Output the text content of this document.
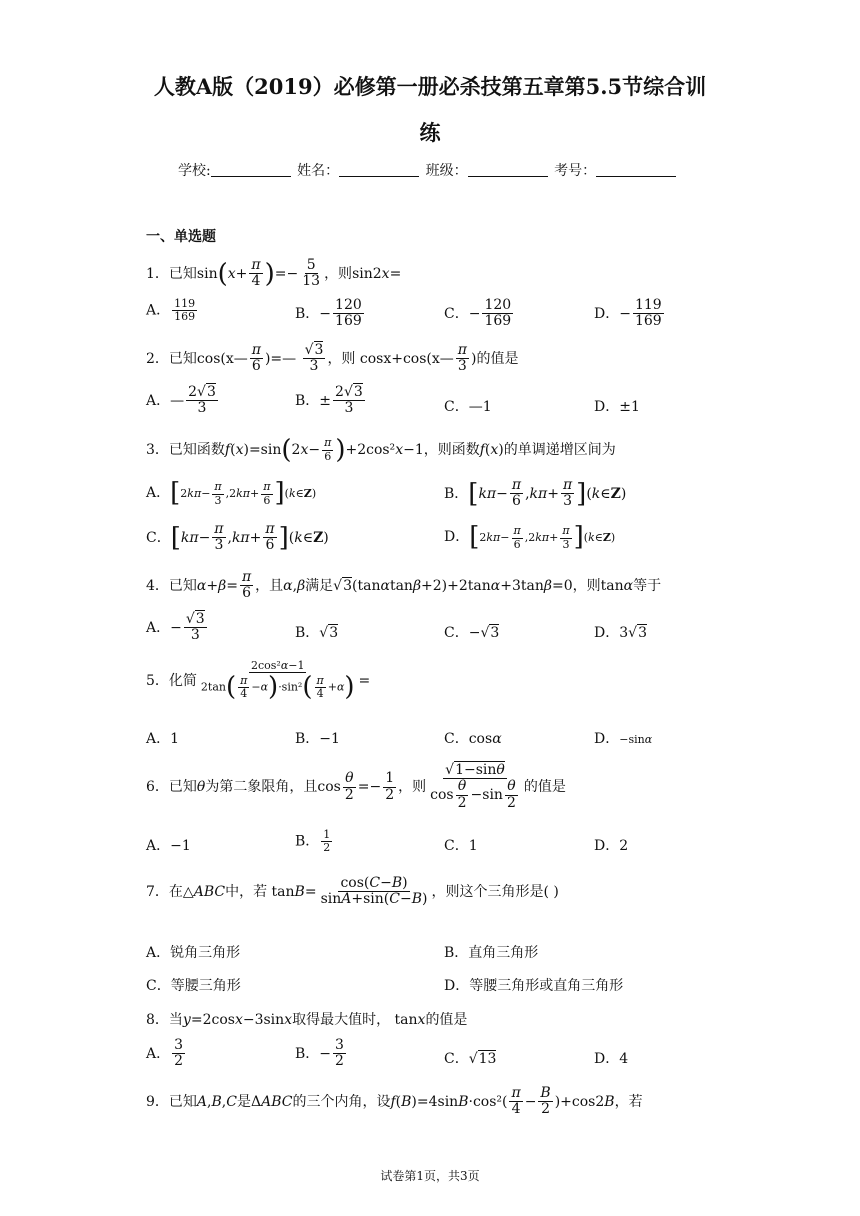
人教A版（2019）必修第一册必杀技第五章第5.5节综合训
练
学校:	姓名：	班级：	考号：
一、单选题
1．已知$\sin(x+ \frac{\pi}{4}$ )=− $\frac{5}{13}$ ，则sin2x=
A． $\frac{119}{169}$	B．− $\frac{120}{169}$	C．− $\frac{120}{169}$	D．− $\frac{119}{169}$
2．已知cos(x— $\frac{\pi}{6}$ )=— $\frac{√3}{3}$ ，则 cosx+cos(x— $\frac{\pi}{3}$ )的值是
A．— $\frac{2√3}{3}$	B．± $\frac{2√3}{3}$	C．—1	D．±1
3．已知函数$f(x)=\sin(2x- \frac{\pi}{6} )+2\cos^2x-1$，则函数f(x)的单调递增区间为
A．[$2k\pi- \frac{\pi}{3} ,2k\pi+ \frac{\pi}{6}$ ](k∈Z)	B．[$k\pi- \frac{\pi}{6} ,k\pi+ \frac{\pi}{3}$ ](k∈Z)
C．[$k\pi- \frac{\pi}{3} ,k\pi+ \frac{\pi}{6}$ ](k∈Z)	D．[$2k\pi- \frac{\pi}{6} ,2k\pi+ \frac{\pi}{3}$ ](k∈Z)
4．已知$\alpha+\beta= \frac{\pi}{6}$ ，且α,β满足√3(tanαtanβ+2)+2tanα+3tanβ=0，则tanα等于
A．− $\frac{√3}{3}$	B．√3	C．−√3	D．3√3
5．化简 $\frac{\text{2cos²α−1}}{2\tan( \frac{\pi}{4} -\alpha)\cdot\sin^2( \frac{\pi}{4} +\alpha)}$ =
A．1	B．−1	C．cosα	D．−sinα
6．已知θ为第二象限角，且$\cos \frac{\theta}{2} =- \frac{1}{2}$ ，则 $\frac{√1-\sin\theta}{\cos \frac{\theta}{2} -\sin \frac{\theta}{2}}$ 的值是
A．−1	B． $\frac{1}{2}$	C．1	D．2
7．在△ABC中，若 $\tan B= \frac{\cos(C-B)}{\sin A+\sin(C-B)}$ ，则这个三角形是( )
A．锐角三角形	B．直角三角形
C．等腰三角形	D．等腰三角形或直角三角形
8．当y=2cosx−3sinx取得最大值时， tanx的值是
A． $\frac{3}{2}$	B．− $\frac{3}{2}$	C．√13	D．4
9．已知A,B,C是ΔABC的三个内角，设$f(B)=4\sin B\cdot\cos^2( \frac{\pi}{4} - \frac{B}{2} )+\cos 2B$，若
试卷第1页，共3页
